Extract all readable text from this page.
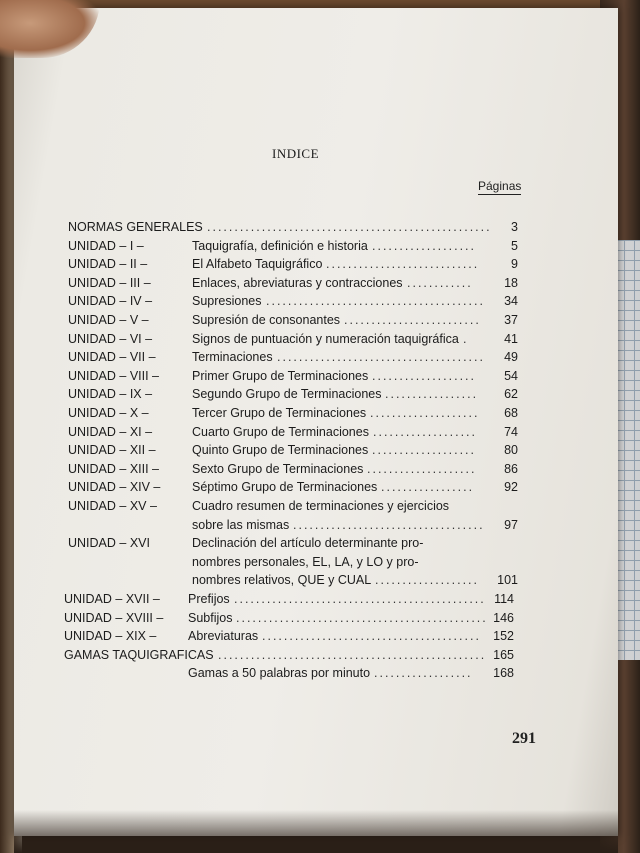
INDICE
Páginas
NORMAS GENERALES ....................................................	3
UNIDAD – I –	Taquigrafía, definición e historia ...................	5
UNIDAD – II –	El Alfabeto Taquigráfico ............................	9
UNIDAD – III –	Enlaces, abreviaturas y contracciones ............	18
UNIDAD – IV –	Supresiones ........................................	34
UNIDAD – V –	Supresión de consonantes .........................	37
UNIDAD – VI –	Signos de puntuación y numeración taquigráfica .	41
UNIDAD – VII –	Terminaciones ......................................	49
UNIDAD – VIII –	Primer Grupo de Terminaciones ...................	54
UNIDAD – IX –	Segundo Grupo de Terminaciones .................	62
UNIDAD – X –	Tercer Grupo de Terminaciones ....................	68
UNIDAD – XI –	Cuarto Grupo de Terminaciones ...................	74
UNIDAD – XII –	Quinto Grupo de Terminaciones ...................	80
UNIDAD – XIII –	Sexto Grupo de Terminaciones ....................	86
UNIDAD – XIV –	Séptimo Grupo de Terminaciones .................	92
UNIDAD – XV –	Cuadro resumen de terminaciones y ejercicios
sobre las mismas ...................................	97
UNIDAD – XVI	Declinación del artículo determinante pro-
nombres personales, EL, LA, y LO y pro-
nombres relativos, QUE y CUAL ...................	101
UNIDAD – XVII – Prefijos .............................................. 114
UNIDAD – XVIII – Subfijos .............................................. 146
UNIDAD – XIX –	Abreviaturas ........................................ 152
GAMAS TAQUIGRAFICAS ................................................. 165
Gamas a 50 palabras por minuto ..................	168
291
